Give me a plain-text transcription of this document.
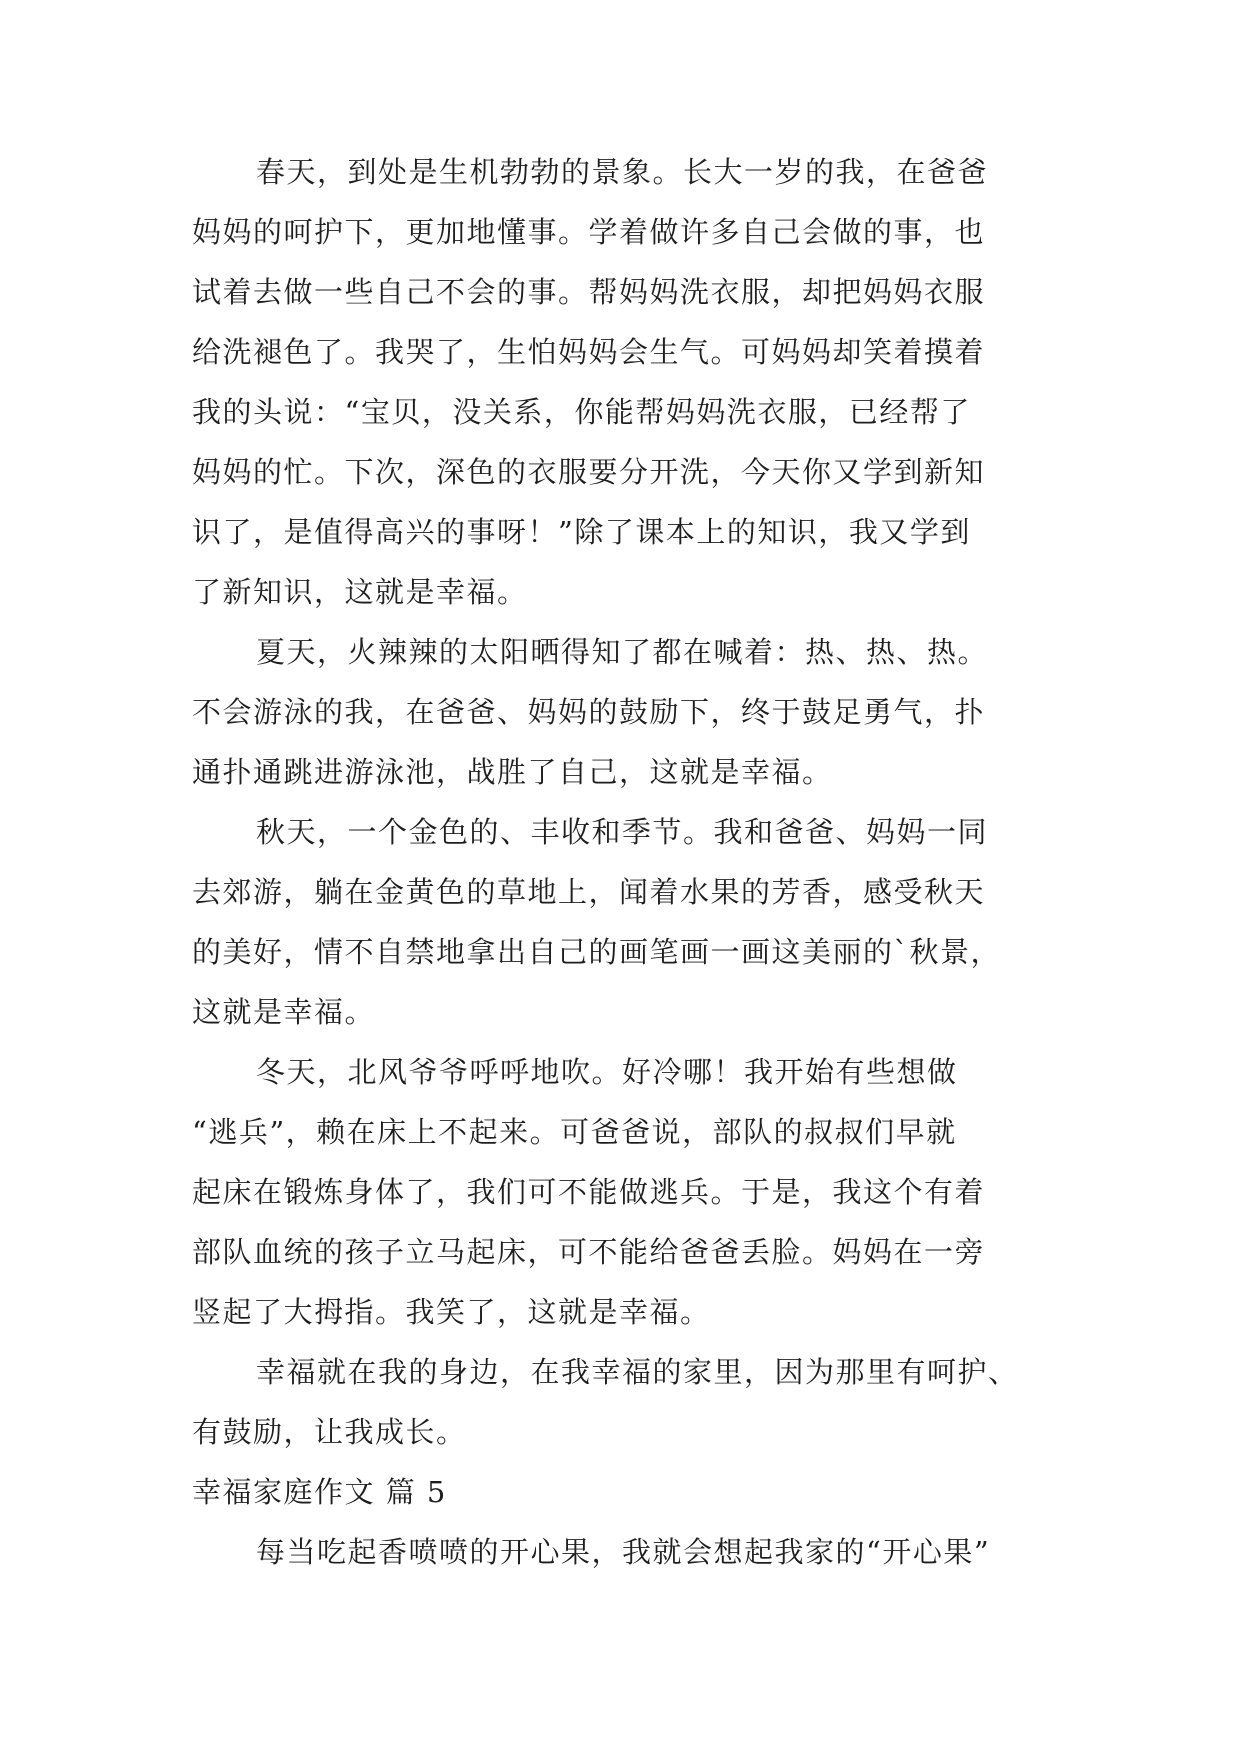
春天，到处是生机勃勃的景象。长大一岁的我，在爸爸
妈妈的呵护下，更加地懂事。学着做许多自己会做的事，也
试着去做一些自己不会的事。帮妈妈洗衣服，却把妈妈衣服
给洗褪色了。我哭了，生怕妈妈会生气。可妈妈却笑着摸着
我的头说：“宝贝，没关系，你能帮妈妈洗衣服，已经帮了
妈妈的忙。下次，深色的衣服要分开洗，今天你又学到新知
识了，是值得高兴的事呀！”除了课本上的知识，我又学到
了新知识，这就是幸福。
夏天，火辣辣的太阳晒得知了都在喊着：热、热、热。
不会游泳的我，在爸爸、妈妈的鼓励下，终于鼓足勇气，扑
通扑通跳进游泳池，战胜了自己，这就是幸福。
秋天，一个金色的、丰收和季节。我和爸爸、妈妈一同
去郊游，躺在金黄色的草地上，闻着水果的芳香，感受秋天
的美好，情不自禁地拿出自己的画笔画一画这美丽的`秋景，
这就是幸福。
冬天，北风爷爷呼呼地吹。好冷哪！我开始有些想做
“逃兵”，赖在床上不起来。可爸爸说，部队的叔叔们早就
起床在锻炼身体了，我们可不能做逃兵。于是，我这个有着
部队血统的孩子立马起床，可不能给爸爸丢脸。妈妈在一旁
竖起了大拇指。我笑了，这就是幸福。
幸福就在我的身边，在我幸福的家里，因为那里有呵护、
有鼓励，让我成长。
幸福家庭作文 篇 5
每当吃起香喷喷的开心果，我就会想起我家的“开心果”
